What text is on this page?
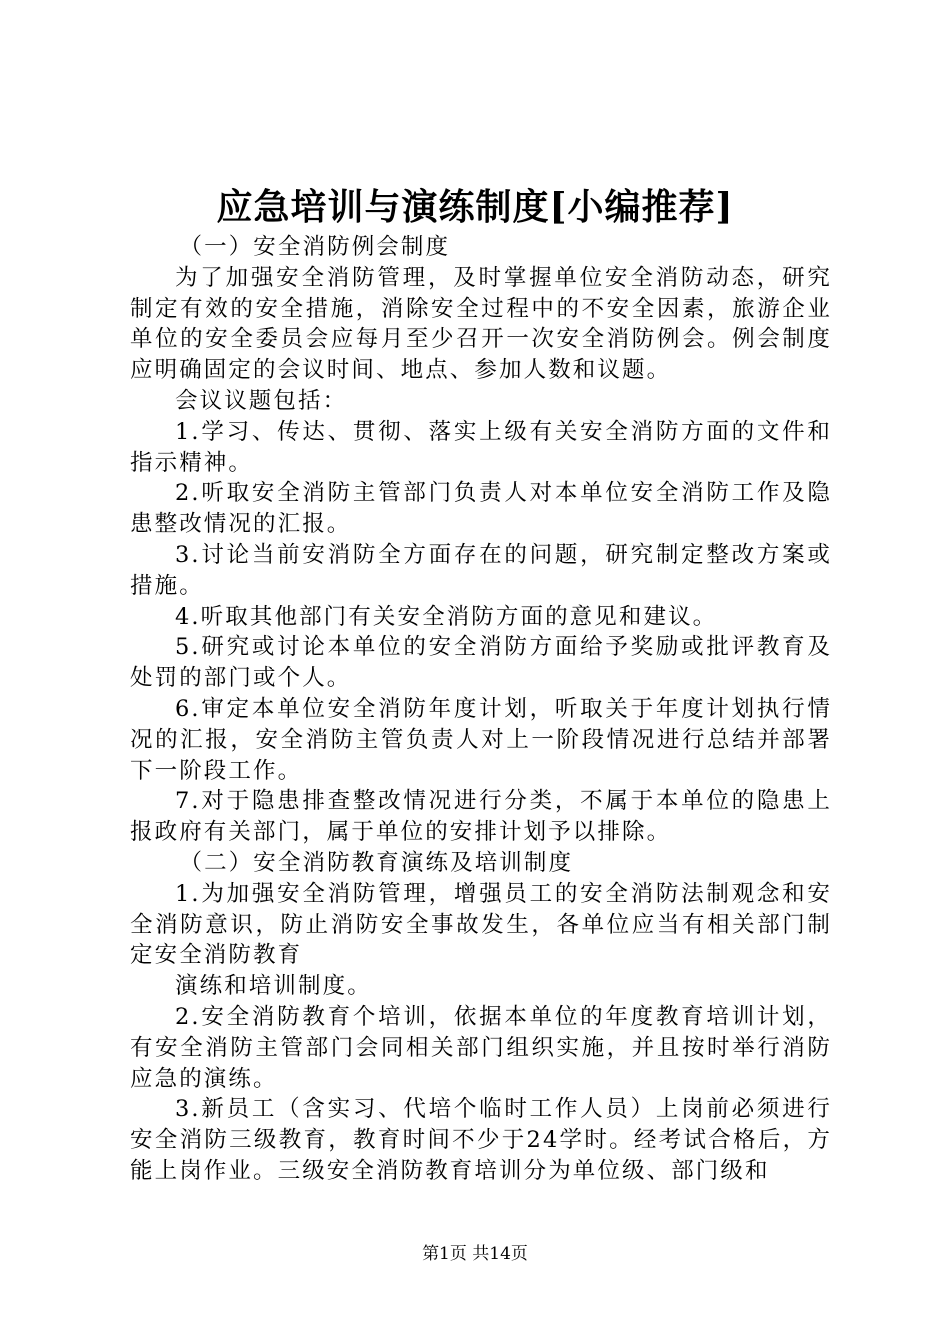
应急培训与演练制度[小编推荐]

（一）安全消防例会制度

为了加强安全消防管理，及时掌握单位安全消防动态，研究制定有效的安全措施，消除安全过程中的不安全因素，旅游企业单位的安全委员会应每月至少召开一次安全消防例会。例会制度应明确固定的会议时间、地点、参加人数和议题。

会议议题包括：

1.学习、传达、贯彻、落实上级有关安全消防方面的文件和指示精神。

2.听取安全消防主管部门负责人对本单位安全消防工作及隐患整改情况的汇报。

3.讨论当前安消防全方面存在的问题，研究制定整改方案或措施。

4.听取其他部门有关安全消防方面的意见和建议。

5.研究或讨论本单位的安全消防方面给予奖励或批评教育及处罚的部门或个人。

6.审定本单位安全消防年度计划，听取关于年度计划执行情况的汇报，安全消防主管负责人对上一阶段情况进行总结并部署下一阶段工作。

7.对于隐患排查整改情况进行分类，不属于本单位的隐患上报政府有关部门，属于单位的安排计划予以排除。

（二）安全消防教育演练及培训制度

1.为加强安全消防管理，增强员工的安全消防法制观念和安全消防意识，防止消防安全事故发生，各单位应当有相关部门制定安全消防教育

演练和培训制度。

2.安全消防教育个培训，依据本单位的年度教育培训计划，有安全消防主管部门会同相关部门组织实施，并且按时举行消防应急的演练。

3.新员工（含实习、代培个临时工作人员）上岗前必须进行安全消防三级教育，教育时间不少于24学时。经考试合格后，方能上岗作业。三级安全消防教育培训分为单位级、部门级和

第1页 共14页
